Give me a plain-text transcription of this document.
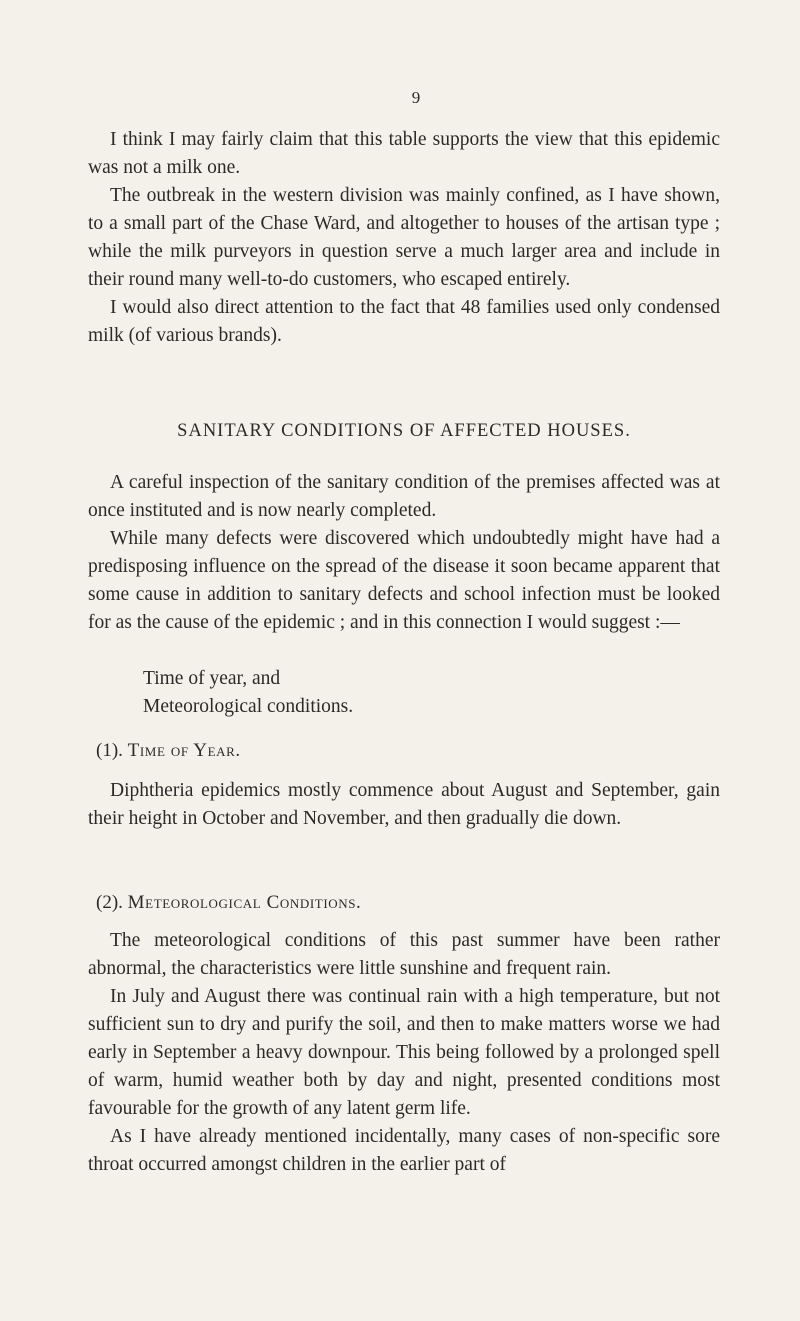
9

I think I may fairly claim that this table supports the view that this epidemic was not a milk one.

The outbreak in the western division was mainly confined, as I have shown, to a small part of the Chase Ward, and altogether to houses of the artisan type ; while the milk purveyors in question serve a much larger area and include in their round many well-to-do customers, who escaped entirely.

I would also direct attention to the fact that 48 families used only condensed milk (of various brands).

SANITARY CONDITIONS OF AFFECTED HOUSES.

A careful inspection of the sanitary condition of the premises affected was at once instituted and is now nearly completed.

While many defects were discovered which undoubtedly might have had a predisposing influence on the spread of the disease it soon became apparent that some cause in addition to sanitary defects and school infection must be looked for as the cause of the epidemic ; and in this connection I would suggest :—

Time of year, and
Meteorological conditions.
(1). Time of Year.

Diphtheria epidemics mostly commence about August and September, gain their height in October and November, and then gradually die down.

(2). Meteorological Conditions.

The meteorological conditions of this past summer have been rather abnormal, the characteristics were little sunshine and frequent rain.

In July and August there was continual rain with a high temperature, but not sufficient sun to dry and purify the soil, and then to make matters worse we had early in September a heavy downpour. This being followed by a prolonged spell of warm, humid weather both by day and night, presented conditions most favourable for the growth of any latent germ life.

As I have already mentioned incidentally, many cases of non-specific sore throat occurred amongst children in the earlier part of
